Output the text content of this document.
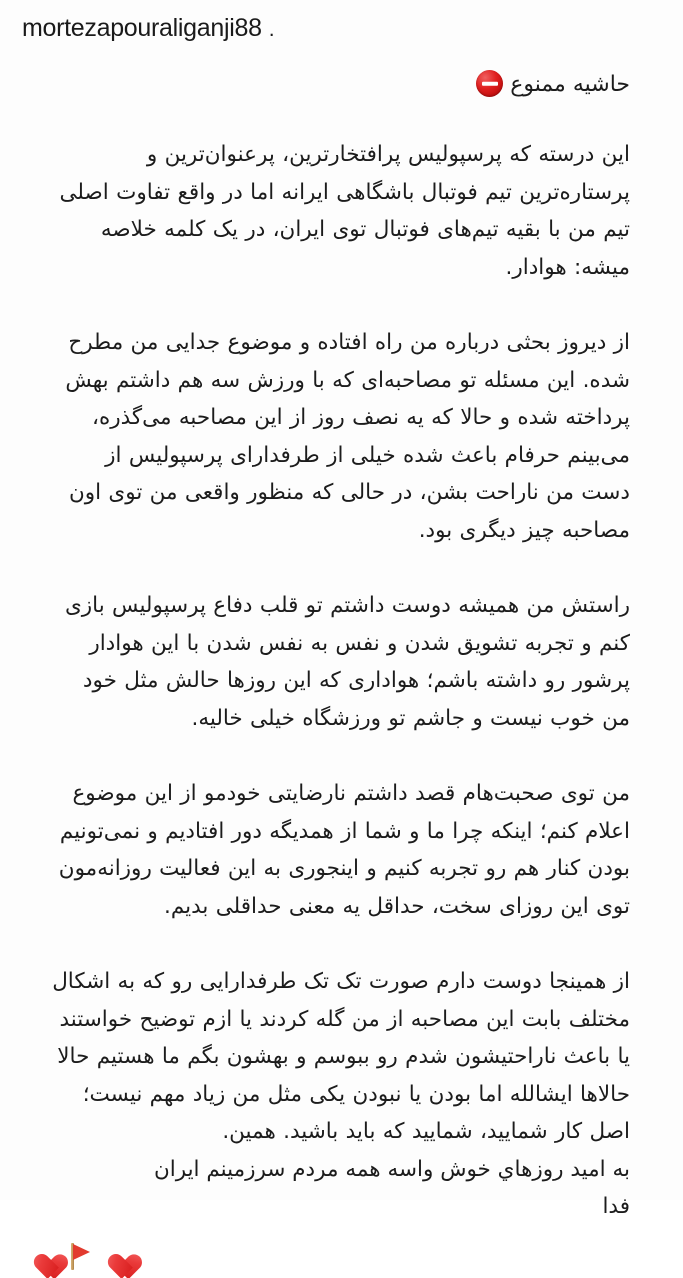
mortezapouraliganji88 .
حاشیه ممنوع

این درسته که پرسپولیس پرافتخارترین، پرعنوان‌ترین و پرستاره‌ترین تیم فوتبال باشگاهی ایرانه اما در واقع تفاوت اصلی تیم من با بقیه تیم‌های فوتبال توی ایران، در یک کلمه خلاصه میشه: هوادار.

از دیروز بحثی درباره من راه افتاده و موضوع جدایی من مطرح شده. این مسئله تو مصاحبه‌ای که با ورزش سه هم داشتم بهش پرداخته شده و حالا که یه نصف روز از این مصاحبه می‌گذره، می‌بینم حرفام باعث شده خیلی از طرفدارای پرسپولیس از دست من ناراحت بشن، در حالی که منظور واقعی من توی اون مصاحبه چیز دیگری بود.

راستش من همیشه دوست داشتم تو قلب دفاع پرسپولیس بازی کنم و تجربه تشویق شدن و نفس به نفس شدن با این هوادار پرشور رو داشته باشم؛ هواداری که این روزها حالش مثل خود من خوب نیست و جاشم تو ورزشگاه خیلی خالیه.

من توی صحبت‌هام قصد داشتم نارضایتی خودمو از این موضوع اعلام کنم؛ اینکه چرا ما و شما از همدیگه دور افتادیم و نمی‌تونیم بودن کنار هم رو تجربه کنیم و اینجوری به این فعالیت روزانه‌مون توی این روزای سخت، حداقل یه معنی حداقلی بدیم.

از همینجا دوست دارم صورت تک تک طرفدارایی رو که به اشکال مختلف بابت این مصاحبه از من گله کردند یا ازم توضیح خواستند یا باعث ناراحتیشون شدم رو ببوسم و بهشون بگم ما هستیم حالا حالاها ایشالله اما بودن یا نبودن یکی مثل من زیاد مهم نیست؛ اصل کار شمایید، شمایید که باید باشید. همین.

به امید روزهاي خوش واسه همه مردم سرزمینم ایران
فدا
